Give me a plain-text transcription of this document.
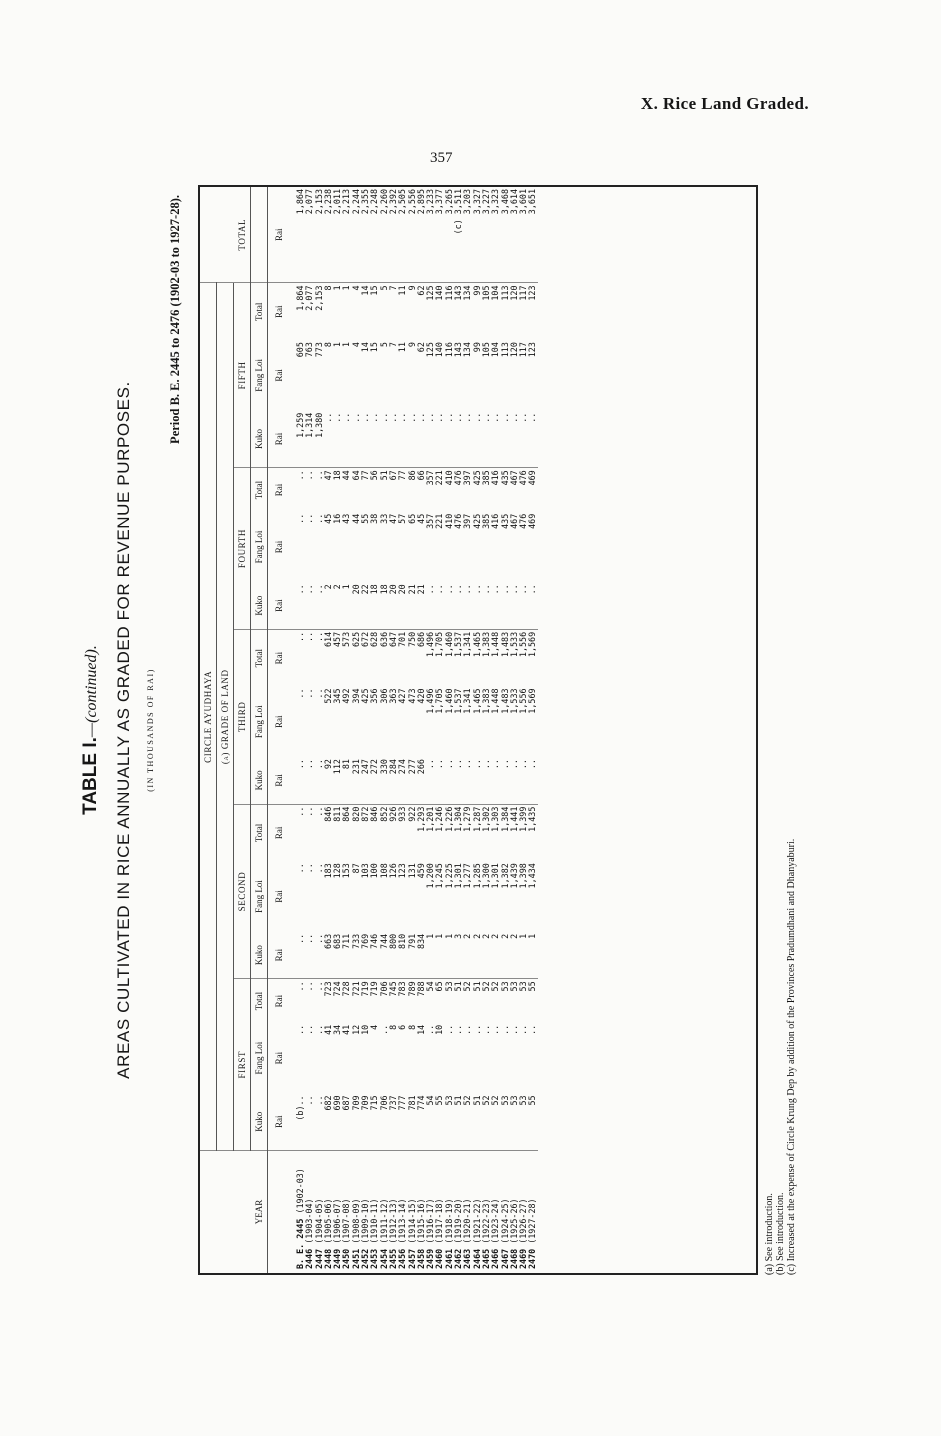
X. Rice Land Graded.
357
TABLE I.—(continued). AREAS CULTIVATED IN RICE ANNUALLY AS GRADED FOR REVENUE PURPOSES. (IN THOUSANDS OF RAI)
Period B. E. 2445 to 2476 (1902-03 to 1927-28).
YEAR	CIRCLE AYUDHAYA															TOTAL
	(a) GRADE OF LAND															
	FIRST			SECOND			THIRD			FOURTH			FIFTH			
	Kuko	Fang Loi	Total	Kuko	Fang Loi	Total	Kuko	Fang Loi	Total	Kuko	Fang Loi	Total	Kuko	Fang Loi	Total	
	Rai	Rai	Rai	Rai	Rai	Rai	Rai	Rai	Rai	Rai	Rai	Rai	Rai	Rai	Rai	Rai
B. E. 2445 (1902-03)	(b)..	..	..	..	..	..	..	..	..	..	..	..	1,259	605	1,864	1,864
2446 (1903-04)	..	..	..	..	..	..	..	..	..	..	..	..	1,314	763	2,077	2,077
2447 (1904-05)	..	..	..	..	..	..	..	..	..	..	..	..	1,380	773	2,153	2,153
2448 (1905-06)	682	41	723	663	183	846	92	522	614	2	45	47	..	8	8	2,238
2449 (1906-07)	690	34	724	683	128	811	112	345	457	2	16	18	..	1	1	2,011
2450 (1907-08)	687	41	728	711	153	864	81	492	573	1	43	44	..	1	1	2,213
2451 (1908-09)	709	12	721	733	87	820	231	394	625	20	44	64	..	4	4	2,244
2452 (1909-10)	709	10	719	769	103	872	247	425	672	22	55	77	..	14	14	2,355
2453 (1910-11)	715	4	719	746	100	846	272	356	628	18	38	56	..	15	15	2,248
2454 (1911-12)	706	..	706	744	108	852	330	306	636	18	33	51	..	5	5	2,260
2455 (1912-13)	737	8	745	800	126	926	284	363	647	20	47	67	..	7	7	2,392
2456 (1913-14)	777	6	783	810	123	933	274	427	701	20	57	77	..	11	11	2,505
2457 (1914-15)	781	8	789	791	131	922	277	473	750	21	65	86	..	9	9	2,556
2458 (1915-16)	774	14	788	834	459	1,293	266	420	686	21	45	66	..	62	62	2,895
2459 (1916-17)	54	..	54	1	1,200	1,201	..	1,496	1,496	..	357	357	..	125	125	3,233
2460 (1917-18)	55	10	65	1	1,245	1,246	..	1,705	1,705	..	221	221	..	140	140	3,377
2461 (1918-19)	53	..	53	1	1,225	1,226	..	1,460	1,460	..	410	410	..	116	116	3,265
2462 (1919-20)	51	..	51	3	1,301	1,304	..	1,537	1,537	..	476	476	..	143	143	(c) 3,511
2463 (1920-21)	52	..	52	2	1,277	1,279	..	1,341	1,341	..	397	397	..	134	134	3,203
2464 (1921-22)	51	..	51	2	1,285	1,287	..	1,465	1,465	..	425	425	..	99	99	3,327
2465 (1922-23)	52	..	52	2	1,300	1,302	..	1,383	1,383	..	385	385	..	105	105	3,227
2466 (1923-24)	52	..	52	2	1,301	1,303	..	1,448	1,448	..	416	416	..	104	104	3,323
2467 (1924-25)	53	..	53	2	1,382	1,384	..	1,483	1,483	..	435	435	..	113	113	3,468
2468 (1925-26)	53	..	53	2	1,439	1,441	..	1,533	1,533	..	467	467	..	120	120	3,614
2469 (1926-27)	53	..	53	1	1,398	1,399	..	1,556	1,556	..	476	476	..	117	117	3,601
2470 (1927-28)	55	..	55	1	1,434	1,435	..	1,569	1,569	..	469	469	..	123	123	3,651
(a) See introduction. (b) See introduction. (c) Increased at the expense of Circle Krung Dep by addition of the Provinces Pradumdhani and Dhanyaburi.
